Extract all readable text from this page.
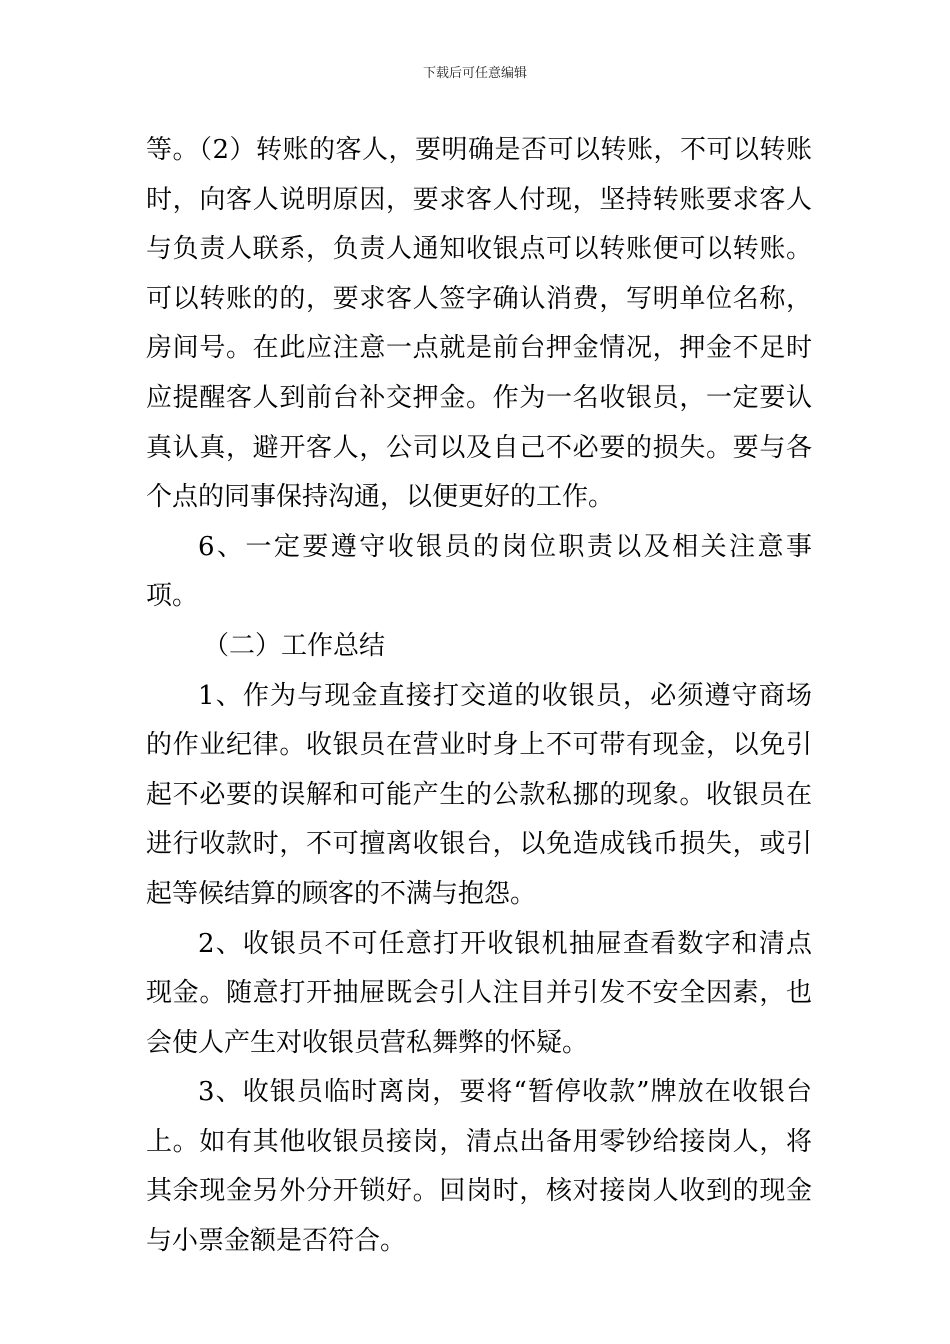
下载后可任意编辑

等。（2）转账的客人，要明确是否可以转账，不可以转账时，向客人说明原因，要求客人付现，坚持转账要求客人与负责人联系，负责人通知收银点可以转账便可以转账。可以转账的的，要求客人签字确认消费，写明单位名称，房间号。在此应注意一点就是前台押金情况，押金不足时应提醒客人到前台补交押金。作为一名收银员，一定要认真认真，避开客人，公司以及自己不必要的损失。要与各个点的同事保持沟通，以便更好的工作。

6、一定要遵守收银员的岗位职责以及相关注意事项。

（二）工作总结

1、作为与现金直接打交道的收银员，必须遵守商场的作业纪律。收银员在营业时身上不可带有现金，以免引起不必要的误解和可能产生的公款私挪的现象。收银员在进行收款时，不可擅离收银台，以免造成钱币损失，或引起等候结算的顾客的不满与抱怨。

2、收银员不可任意打开收银机抽屉查看数字和清点现金。随意打开抽屉既会引人注目并引发不安全因素，也会使人产生对收银员营私舞弊的怀疑。

3、收银员临时离岗，要将“暂停收款”牌放在收银台上。如有其他收银员接岗，清点出备用零钞给接岗人，将其余现金另外分开锁好。回岗时，核对接岗人收到的现金与小票金额是否符合。
